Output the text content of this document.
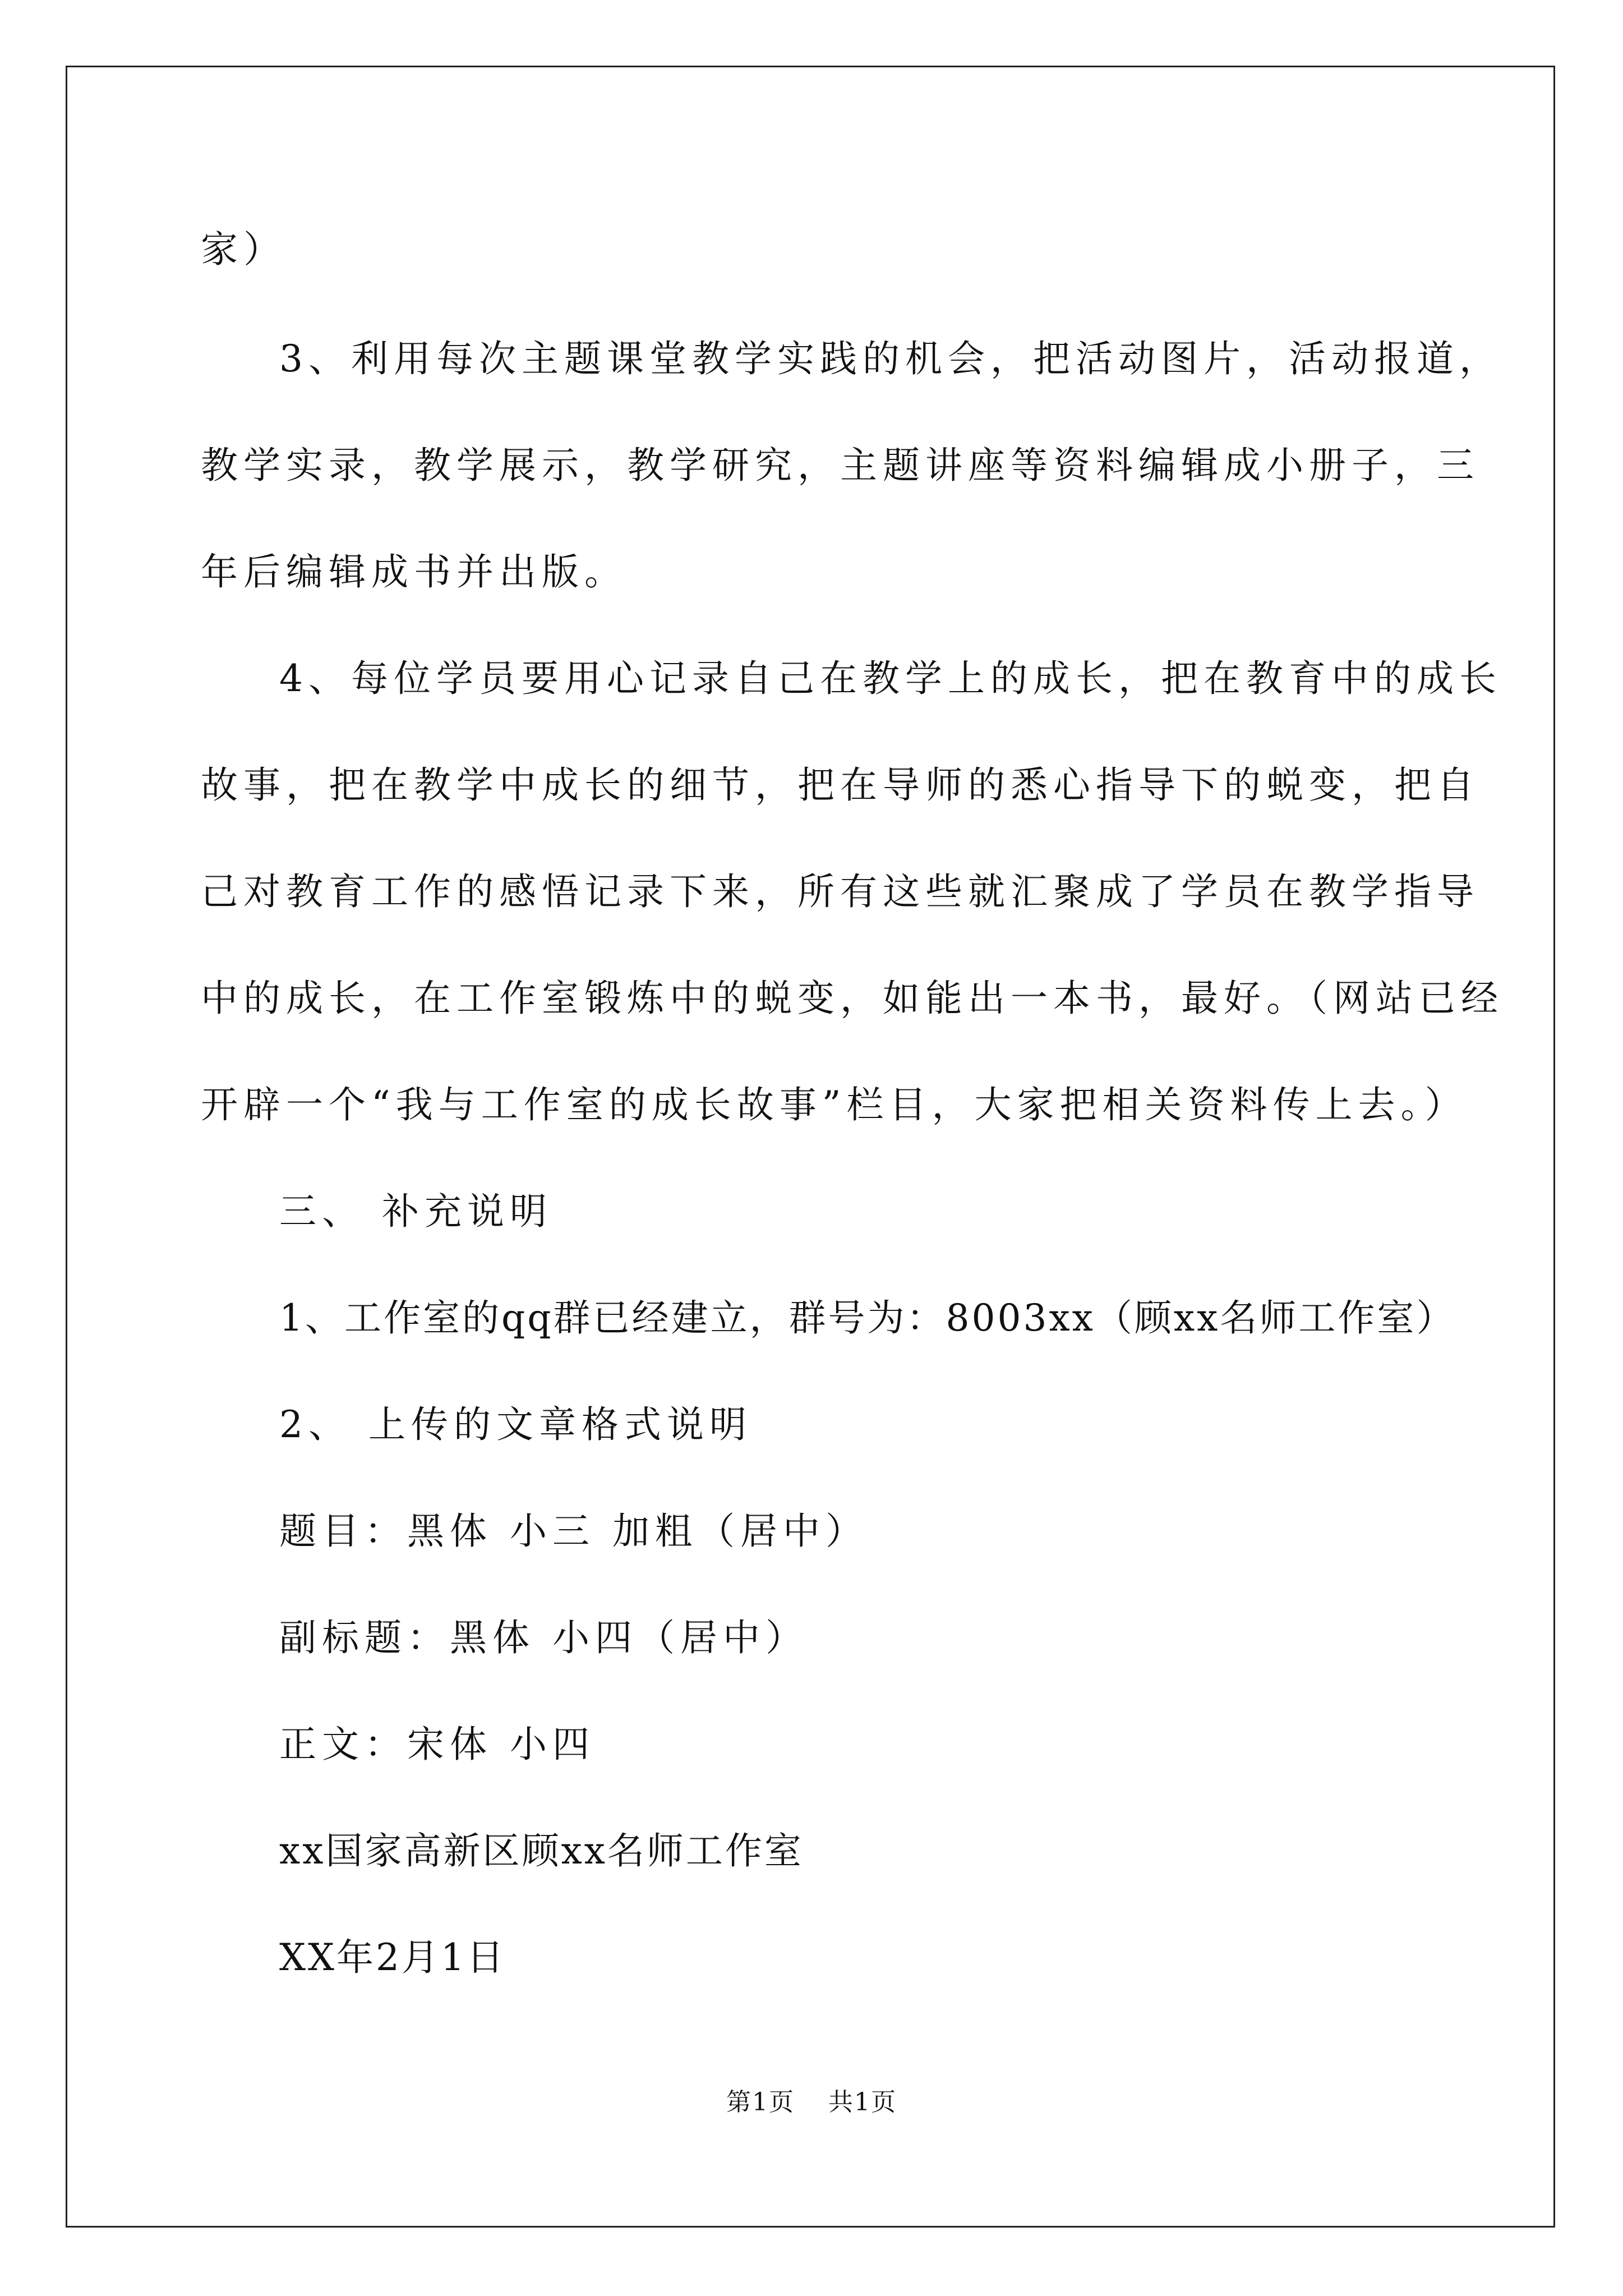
家）
3、利用每次主题课堂教学实践的机会，把活动图片，活动报道，
教学实录，教学展示，教学研究，主题讲座等资料编辑成小册子，三
年后编辑成书并出版。
4、每位学员要用心记录自己在教学上的成长，把在教育中的成长
故事，把在教学中成长的细节，把在导师的悉心指导下的蜕变，把自
己对教育工作的感悟记录下来，所有这些就汇聚成了学员在教学指导
中的成长，在工作室锻炼中的蜕变，如能出一本书，最好。（网站已经
开辟一个“我与工作室的成长故事”栏目，大家把相关资料传上去。）
三、 补充说明
1、工作室的qq群已经建立，群号为：8003xx（顾xx名师工作室）
2、 上传的文章格式说明
题目：黑体 小三 加粗（居中）
副标题：黑体 小四（居中）
正文：宋体 小四
xx国家高新区顾xx名师工作室
XX年2月1日
第1页 共1页
